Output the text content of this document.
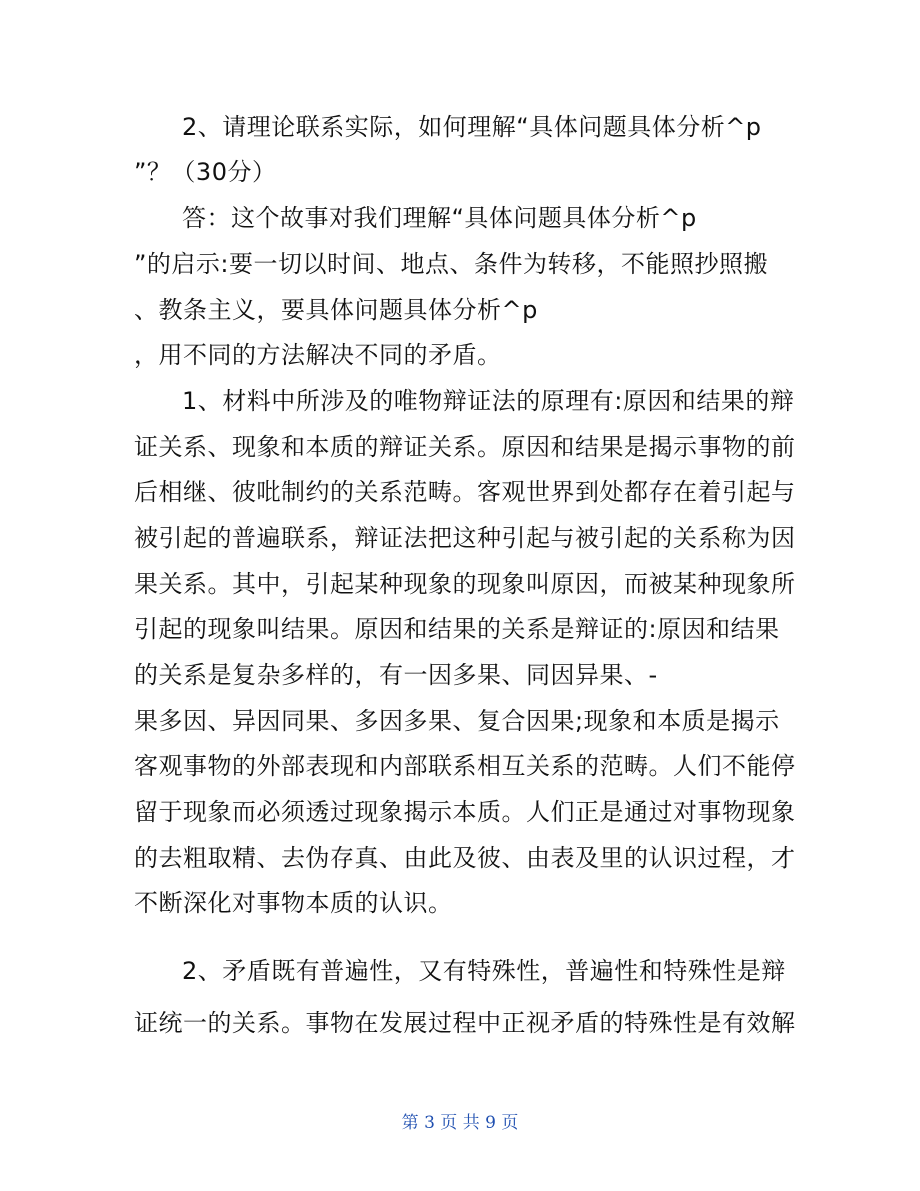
2、请理论联系实际，如何理解“具体问题具体分析^p
”？（30分）
答：这个故事对我们理解“具体问题具体分析^p
”的启示:要一切以时间、地点、条件为转移，不能照抄照搬
、教条主义，要具体问题具体分析^p
，用不同的方法解决不同的矛盾。
1、材料中所涉及的唯物辩证法的原理有:原因和结果的辩
证关系、现象和本质的辩证关系。原因和结果是揭示事物的前
后相继、彼吡制约的关系范畴。客观世界到处都存在着引起与
被引起的普遍联系，辩证法把这种引起与被引起的关系称为因
果关系。其中，引起某种现象的现象叫原因，而被某种现象所
引起的现象叫结果。原因和结果的关系是辩证的:原因和结果
的关系是复杂多样的，有一因多果、同因异果、-
果多因、异因同果、多因多果、复合因果;现象和本质是揭示
客观事物的外部表现和内部联系相互关系的范畴。人们不能停
留于现象而必须透过现象揭示本质。人们正是通过对事物现象
的去粗取精、去伪存真、由此及彼、由表及里的认识过程，才
不断深化对事物本质的认识。
2、矛盾既有普遍性，又有特殊性，普遍性和特殊性是辩
证统一的关系。事物在发展过程中正视矛盾的特殊性是有效解
第 3 页 共 9 页
